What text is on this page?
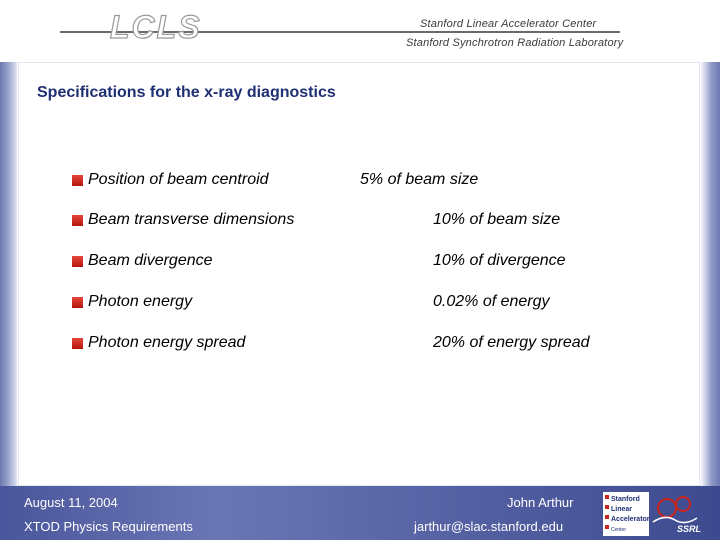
LCLS	Stanford Linear Accelerator Center
Stanford Synchrotron Radiation Laboratory
Specifications for the x-ray diagnostics
Position of beam centroid	5% of beam size
Beam transverse dimensions	10% of beam size
Beam divergence	10% of divergence
Photon energy	0.02% of energy
Photon energy spread	20% of energy spread
August 11, 2004
XTOD Physics Requirements
John Arthur
jarthur@slac.stanford.edu
Stanford
Linear
Accelerator
Center	SSRL
